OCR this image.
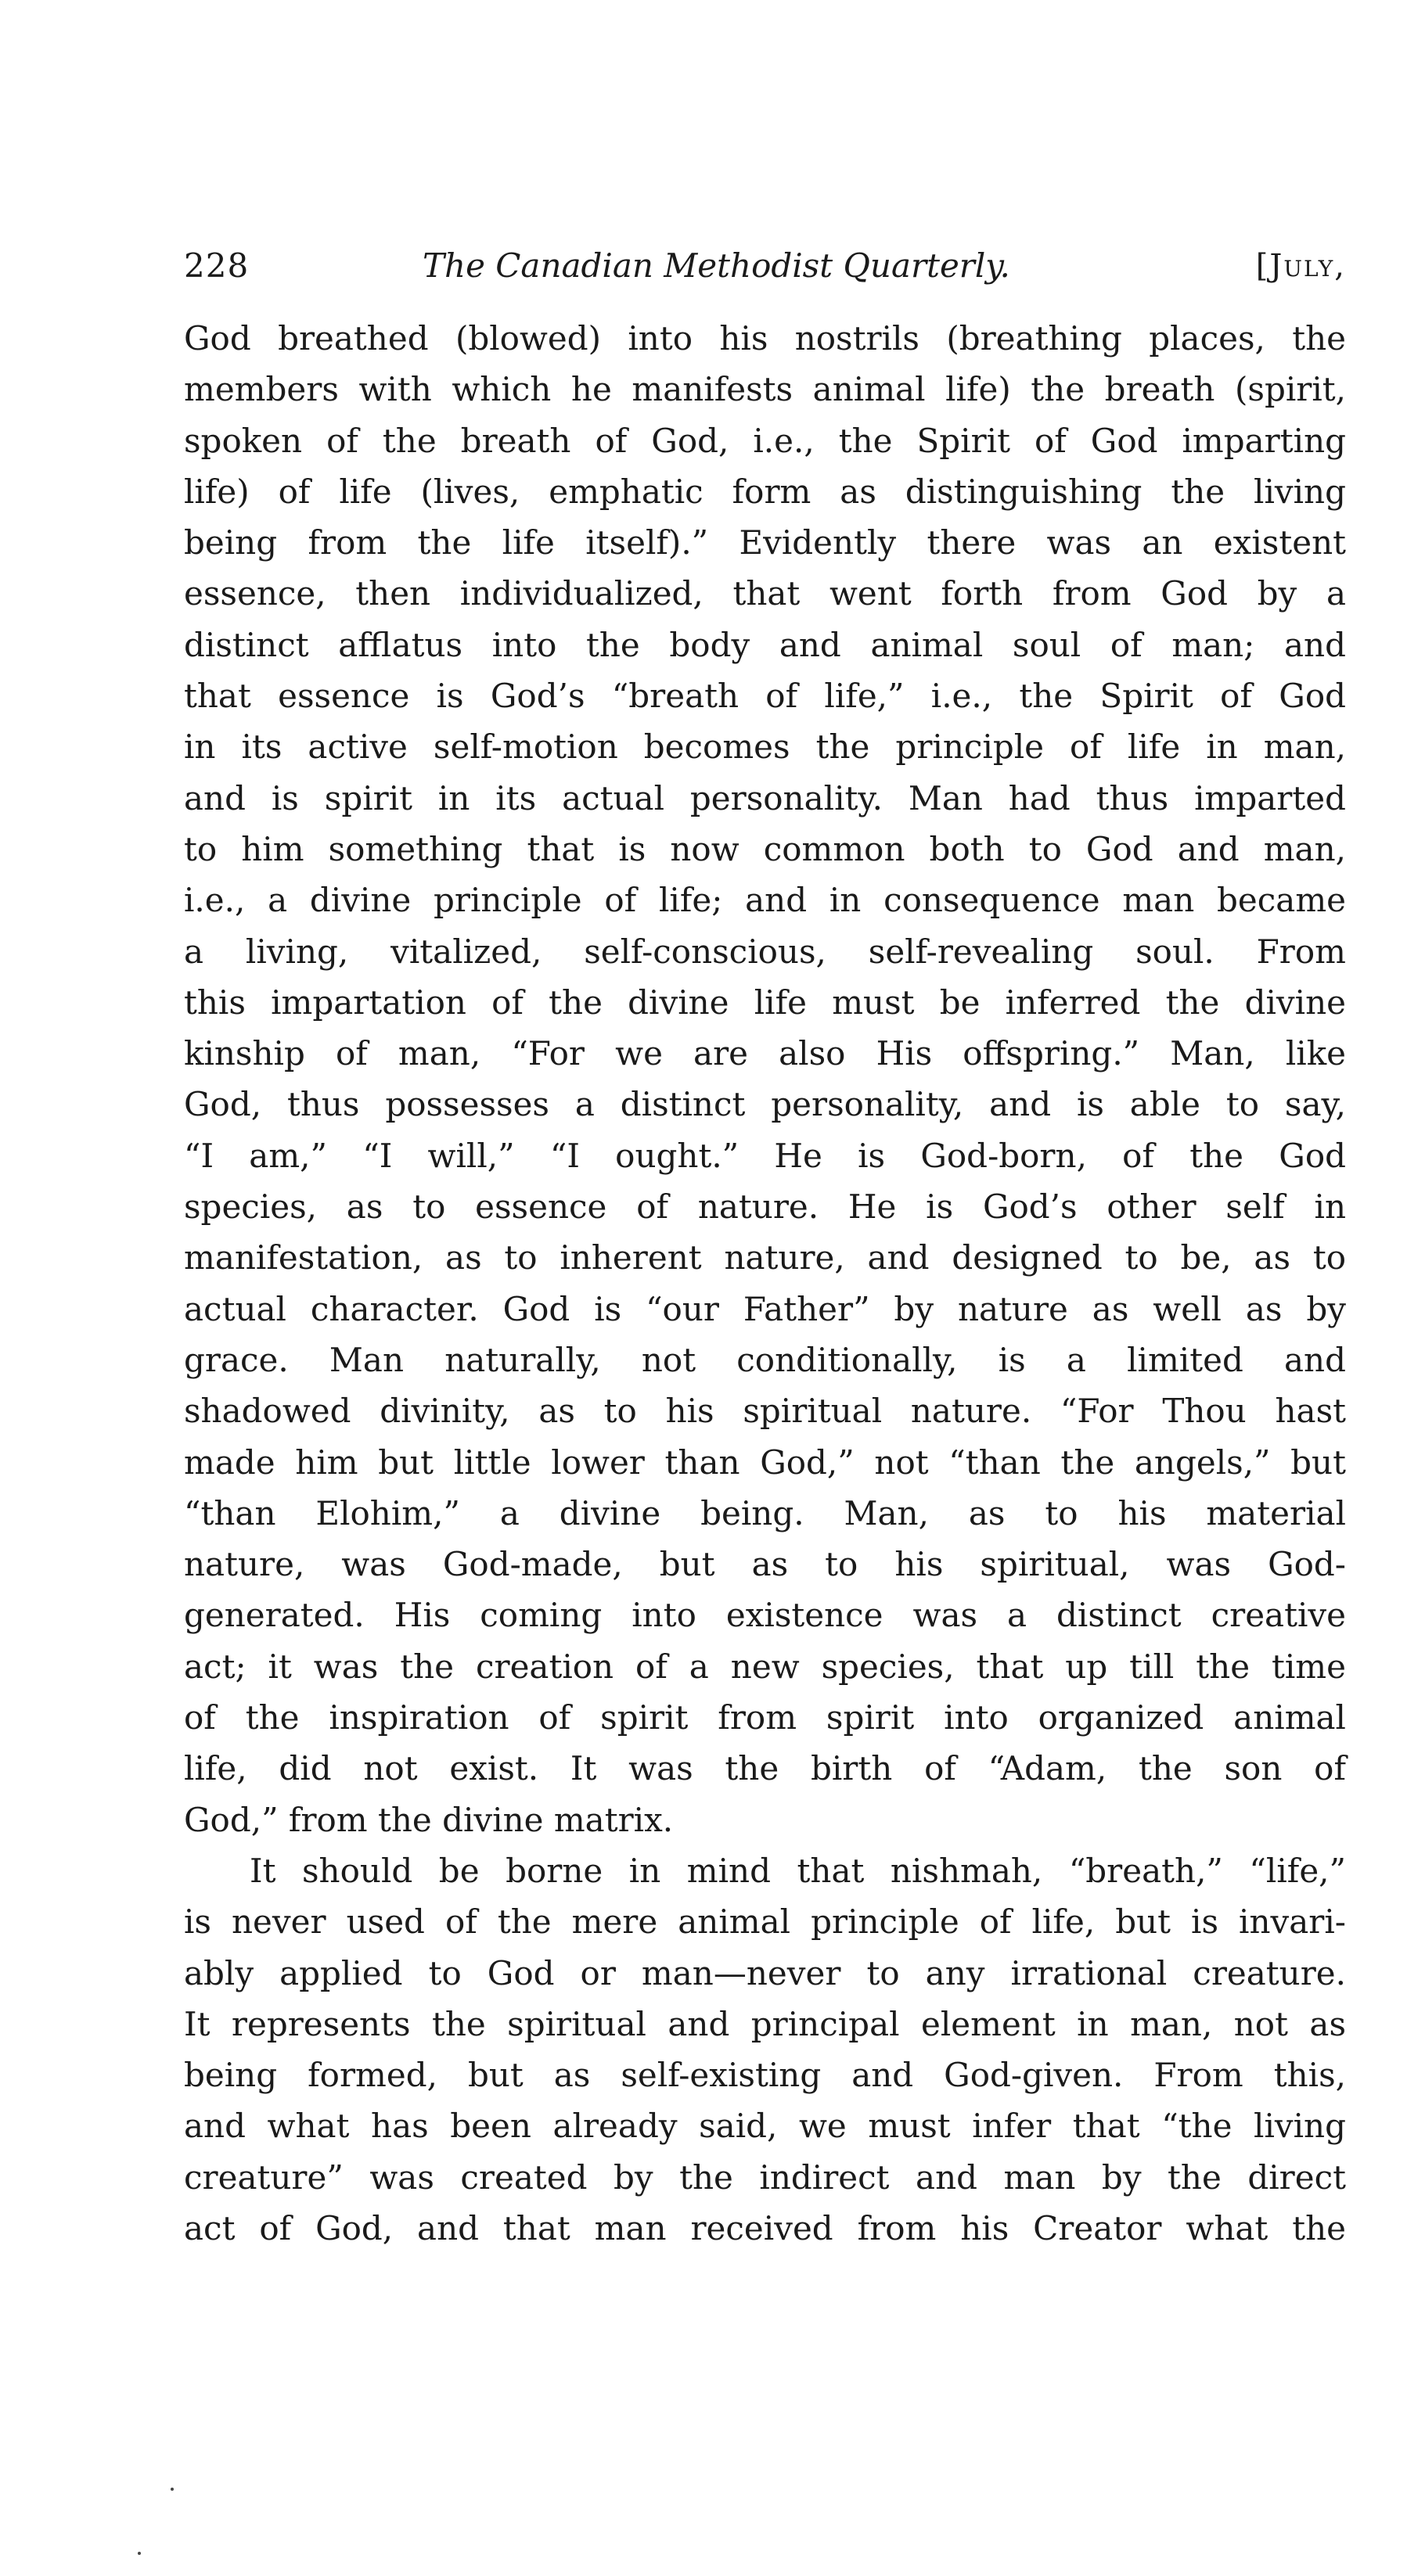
228	The Canadian Methodist Quarterly.	[July,
God breathed (blowed) into his nostrils (breathing places, the
members with which he manifests animal life) the breath (spirit,
spoken of the breath of God, i.e., the Spirit of God imparting
life) of life (lives, emphatic form as distinguishing the living
being from the life itself).” Evidently there was an existent
essence, then individualized, that went forth from God by a
distinct afflatus into the body and animal soul of man; and
that essence is God’s “breath of life,” i.e., the Spirit of God
in its active self-motion becomes the principle of life in man,
and is spirit in its actual personality. Man had thus imparted
to him something that is now common both to God and man,
i.e., a divine principle of life; and in consequence man became
a living, vitalized, self-conscious, self-revealing soul. From
this impartation of the divine life must be inferred the divine
kinship of man, “For we are also His offspring.” Man, like
God, thus possesses a distinct personality, and is able to say,
“I am,” “I will,” “I ought.” He is God-born, of the God
species, as to essence of nature. He is God’s other self in
manifestation, as to inherent nature, and designed to be, as to
actual character. God is “our Father” by nature as well as by
grace. Man naturally, not conditionally, is a limited and
shadowed divinity, as to his spiritual nature. “For Thou hast
made him but little lower than God,” not “than the angels,” but
“than Elohim,” a divine being. Man, as to his material
nature, was God-made, but as to his spiritual, was God-
generated. His coming into existence was a distinct creative
act; it was the creation of a new species, that up till the time
of the inspiration of spirit from spirit into organized animal
life, did not exist. It was the birth of “Adam, the son of
God,” from the divine matrix.
It should be borne in mind that nishmah, “breath,” “life,”
is never used of the mere animal principle of life, but is invari-
ably applied to God or man—never to any irrational creature.
It represents the spiritual and principal element in man, not as
being formed, but as self-existing and God-given. From this,
and what has been already said, we must infer that “the living
creature” was created by the indirect and man by the direct
act of God, and that man received from his Creator what the
